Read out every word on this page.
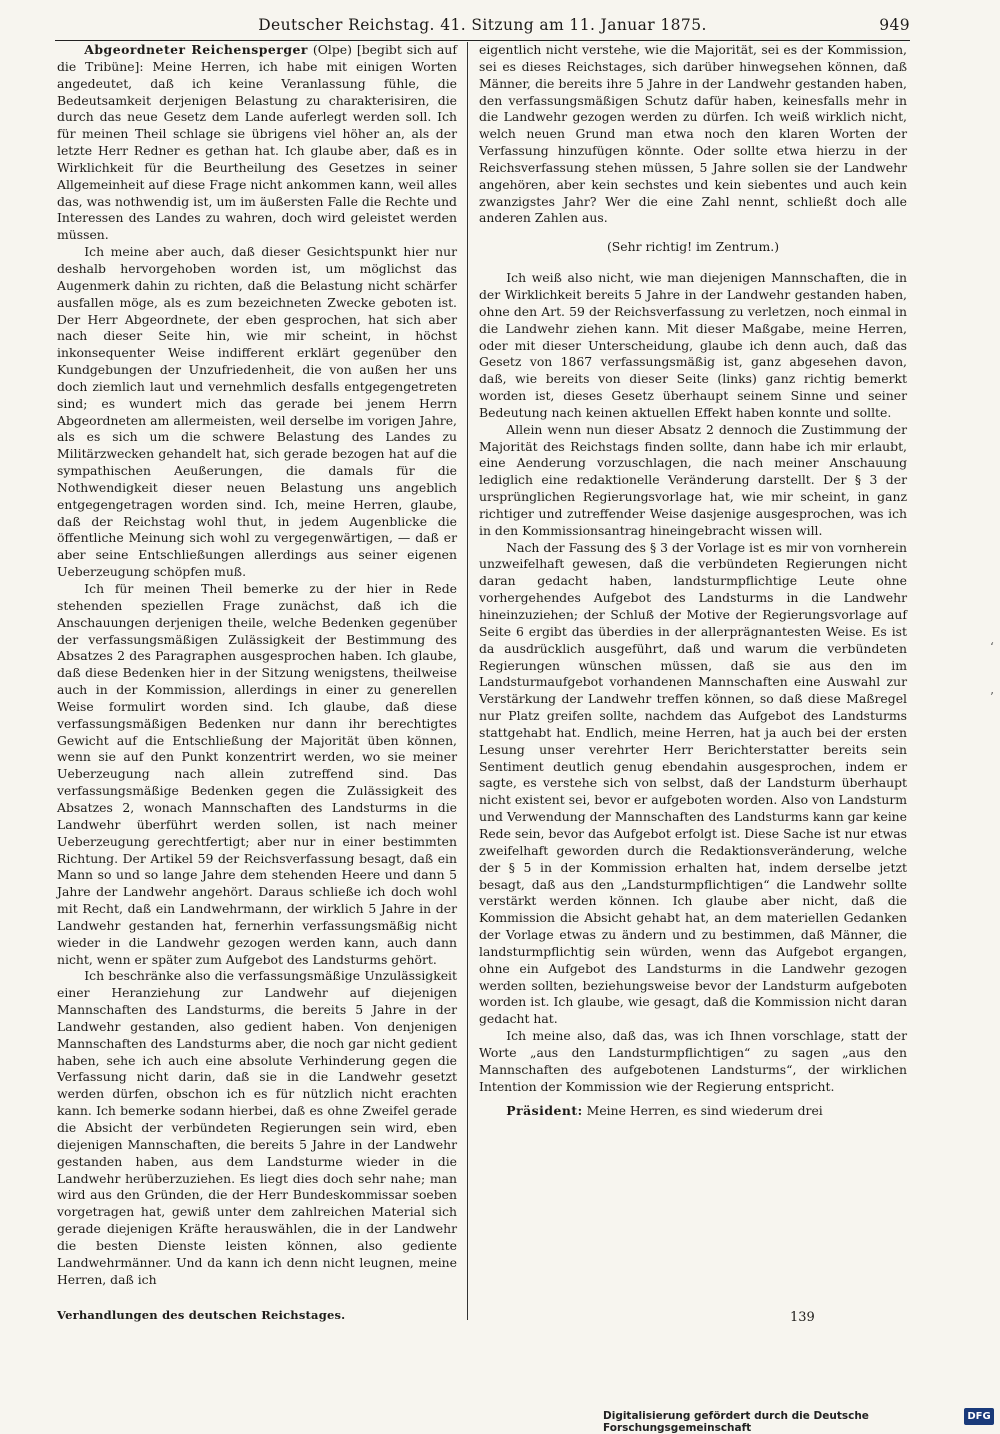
Deutscher Reichstag. 41. Sitzung am 11. Januar 1875.	949

Abgeordneter Reichensperger (Olpe) [begibt sich auf die Tribüne]: Meine Herren, ich habe mit einigen Worten angedeutet, daß ich keine Veranlassung fühle, die Bedeutsamkeit derjenigen Belastung zu charakterisiren, die durch das neue Gesetz dem Lande auferlegt werden soll. Ich für meinen Theil schlage sie übrigens viel höher an, als der letzte Herr Redner es gethan hat. Ich glaube aber, daß es in Wirklichkeit für die Beurtheilung des Gesetzes in seiner Allgemeinheit auf diese Frage nicht ankommen kann, weil alles das, was nothwendig ist, um im äußersten Falle die Rechte und Interessen des Landes zu wahren, doch wird geleistet werden müssen.

Ich meine aber auch, daß dieser Gesichtspunkt hier nur deshalb hervorgehoben worden ist, um möglichst das Augenmerk dahin zu richten, daß die Belastung nicht schärfer ausfallen möge, als es zum bezeichneten Zwecke geboten ist. Der Herr Abgeordnete, der eben gesprochen, hat sich aber nach dieser Seite hin, wie mir scheint, in höchst inkonsequenter Weise indifferent erklärt gegenüber den Kundgebungen der Unzufriedenheit, die von außen her uns doch ziemlich laut und vernehmlich desfalls entgegengetreten sind; es wundert mich das gerade bei jenem Herrn Abgeordneten am allermeisten, weil derselbe im vorigen Jahre, als es sich um die schwere Belastung des Landes zu Militärzwecken gehandelt hat, sich gerade bezogen hat auf die sympathischen Aeußerungen, die damals für die Nothwendigkeit dieser neuen Belastung uns angeblich entgegengetragen worden sind. Ich, meine Herren, glaube, daß der Reichstag wohl thut, in jedem Augenblicke die öffentliche Meinung sich wohl zu vergegenwärtigen, — daß er aber seine Entschließungen allerdings aus seiner eigenen Ueberzeugung schöpfen muß.

Ich für meinen Theil bemerke zu der hier in Rede stehenden speziellen Frage zunächst, daß ich die Anschauungen derjenigen theile, welche Bedenken gegenüber der verfassungsmäßigen Zulässigkeit der Bestimmung des Absatzes 2 des Paragraphen ausgesprochen haben. Ich glaube, daß diese Bedenken hier in der Sitzung wenigstens, theilweise auch in der Kommission, allerdings in einer zu generellen Weise formulirt worden sind. Ich glaube, daß diese verfassungsmäßigen Bedenken nur dann ihr berechtigtes Gewicht auf die Entschließung der Majorität üben können, wenn sie auf den Punkt konzentrirt werden, wo sie meiner Ueberzeugung nach allein zutreffend sind. Das verfassungsmäßige Bedenken gegen die Zulässigkeit des Absatzes 2, wonach Mannschaften des Landsturms in die Landwehr überführt werden sollen, ist nach meiner Ueberzeugung gerechtfertigt; aber nur in einer bestimmten Richtung. Der Artikel 59 der Reichsverfassung besagt, daß ein Mann so und so lange Jahre dem stehenden Heere und dann 5 Jahre der Landwehr angehört. Daraus schließe ich doch wohl mit Recht, daß ein Landwehrmann, der wirklich 5 Jahre in der Landwehr gestanden hat, fernerhin verfassungsmäßig nicht wieder in die Landwehr gezogen werden kann, auch dann nicht, wenn er später zum Aufgebot des Landsturms gehört.

Ich beschränke also die verfassungsmäßige Unzulässigkeit einer Heranziehung zur Landwehr auf diejenigen Mannschaften des Landsturms, die bereits 5 Jahre in der Landwehr gestanden, also gedient haben. Von denjenigen Mannschaften des Landsturms aber, die noch gar nicht gedient haben, sehe ich auch eine absolute Verhinderung gegen die Verfassung nicht darin, daß sie in die Landwehr gesetzt werden dürfen, obschon ich es für nützlich nicht erachten kann. Ich bemerke sodann hierbei, daß es ohne Zweifel gerade die Absicht der verbündeten Regierungen sein wird, eben diejenigen Mannschaften, die bereits 5 Jahre in der Landwehr gestanden haben, aus dem Landsturme wieder in die Landwehr herüberzuziehen. Es liegt dies doch sehr nahe; man wird aus den Gründen, die der Herr Bundeskommissar soeben vorgetragen hat, gewiß unter dem zahlreichen Material sich gerade diejenigen Kräfte herauswählen, die in der Landwehr die besten Dienste leisten können, also gediente Landwehrmänner. Und da kann ich denn nicht leugnen, meine Herren, daß ich

eigentlich nicht verstehe, wie die Majorität, sei es der Kommission, sei es dieses Reichstages, sich darüber hinwegsehen können, daß Männer, die bereits ihre 5 Jahre in der Landwehr gestanden haben, den verfassungsmäßigen Schutz dafür haben, keinesfalls mehr in die Landwehr gezogen werden zu dürfen. Ich weiß wirklich nicht, welch neuen Grund man etwa noch den klaren Worten der Verfassung hinzufügen könnte. Oder sollte etwa hierzu in der Reichsverfassung stehen müssen, 5 Jahre sollen sie der Landwehr angehören, aber kein sechstes und kein siebentes und auch kein zwanzigstes Jahr? Wer die eine Zahl nennt, schließt doch alle anderen Zahlen aus.

(Sehr richtig! im Zentrum.)

Ich weiß also nicht, wie man diejenigen Mannschaften, die in der Wirklichkeit bereits 5 Jahre in der Landwehr gestanden haben, ohne den Art. 59 der Reichsverfassung zu verletzen, noch einmal in die Landwehr ziehen kann. Mit dieser Maßgabe, meine Herren, oder mit dieser Unterscheidung, glaube ich denn auch, daß das Gesetz von 1867 verfassungsmäßig ist, ganz abgesehen davon, daß, wie bereits von dieser Seite (links) ganz richtig bemerkt worden ist, dieses Gesetz überhaupt seinem Sinne und seiner Bedeutung nach keinen aktuellen Effekt haben konnte und sollte.

Allein wenn nun dieser Absatz 2 dennoch die Zustimmung der Majorität des Reichstags finden sollte, dann habe ich mir erlaubt, eine Aenderung vorzuschlagen, die nach meiner Anschauung lediglich eine redaktionelle Veränderung darstellt. Der § 3 der ursprünglichen Regierungsvorlage hat, wie mir scheint, in ganz richtiger und zutreffender Weise dasjenige ausgesprochen, was ich in den Kommissionsantrag hineingebracht wissen will.

Nach der Fassung des § 3 der Vorlage ist es mir von vornherein unzweifelhaft gewesen, daß die verbündeten Regierungen nicht daran gedacht haben, landsturmpflichtige Leute ohne vorhergehendes Aufgebot des Landsturms in die Landwehr hineinzuziehen; der Schluß der Motive der Regierungsvorlage auf Seite 6 ergibt das überdies in der allerprägnantesten Weise. Es ist da ausdrücklich ausgeführt, daß und warum die verbündeten Regierungen wünschen müssen, daß sie aus den im Landsturmaufgebot vorhandenen Mannschaften eine Auswahl zur Verstärkung der Landwehr treffen können, so daß diese Maßregel nur Platz greifen sollte, nachdem das Aufgebot des Landsturms stattgehabt hat. Endlich, meine Herren, hat ja auch bei der ersten Lesung unser verehrter Herr Berichterstatter bereits sein Sentiment deutlich genug ebendahin ausgesprochen, indem er sagte, es verstehe sich von selbst, daß der Landsturm überhaupt nicht existent sei, bevor er aufgeboten worden. Also von Landsturm und Verwendung der Mannschaften des Landsturms kann gar keine Rede sein, bevor das Aufgebot erfolgt ist. Diese Sache ist nur etwas zweifelhaft geworden durch die Redaktionsveränderung, welche der § 5 in der Kommission erhalten hat, indem derselbe jetzt besagt, daß aus den „Landsturmpflichtigen“ die Landwehr sollte verstärkt werden können. Ich glaube aber nicht, daß die Kommission die Absicht gehabt hat, an dem materiellen Gedanken der Vorlage etwas zu ändern und zu bestimmen, daß Männer, die landsturmpflichtig sein würden, wenn das Aufgebot ergangen, ohne ein Aufgebot des Landsturms in die Landwehr gezogen werden sollten, beziehungsweise bevor der Landsturm aufgeboten worden ist. Ich glaube, wie gesagt, daß die Kommission nicht daran gedacht hat.

Ich meine also, daß das, was ich Ihnen vorschlage, statt der Worte „aus den Landsturmpflichtigen“ zu sagen „aus den Mannschaften des aufgebotenen Landsturms“, der wirklichen Intention der Kommission wie der Regierung entspricht.

Präsident: Meine Herren, es sind wiederum drei

Verhandlungen des deutschen Reichstages.	139
‘
’
Digitalisierung gefördert durch die Deutsche Forschungsgemeinschaft
DFG
